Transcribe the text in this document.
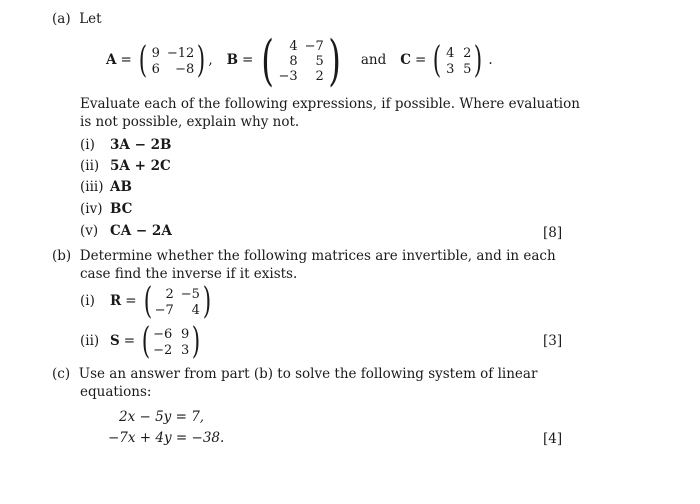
(a) Let
A = ( 9 −12
6	−8 ) , B = (	4 −7
8	5
−3	2 ) and C = ( 4 2
3 5 ) .
Evaluate each of the following expressions, if possible. Where evaluation
is not possible, explain why not.
(i) 3A − 2B
(ii) 5A + 2C
(iii) AB
(iv) BC
(v) CA − 2A	[8]
(b) Determine whether the following matrices are invertible, and in each
case find the inverse if it exists.
(i)	R = (	2 −5
−7	4 )
(ii) S = ( −6 9
−2 3 )	[3]
(c) Use an answer from part (b) to solve the following system of linear
equations:
2x − 5y = 7,
−7x + 4y = −38.	[4]
